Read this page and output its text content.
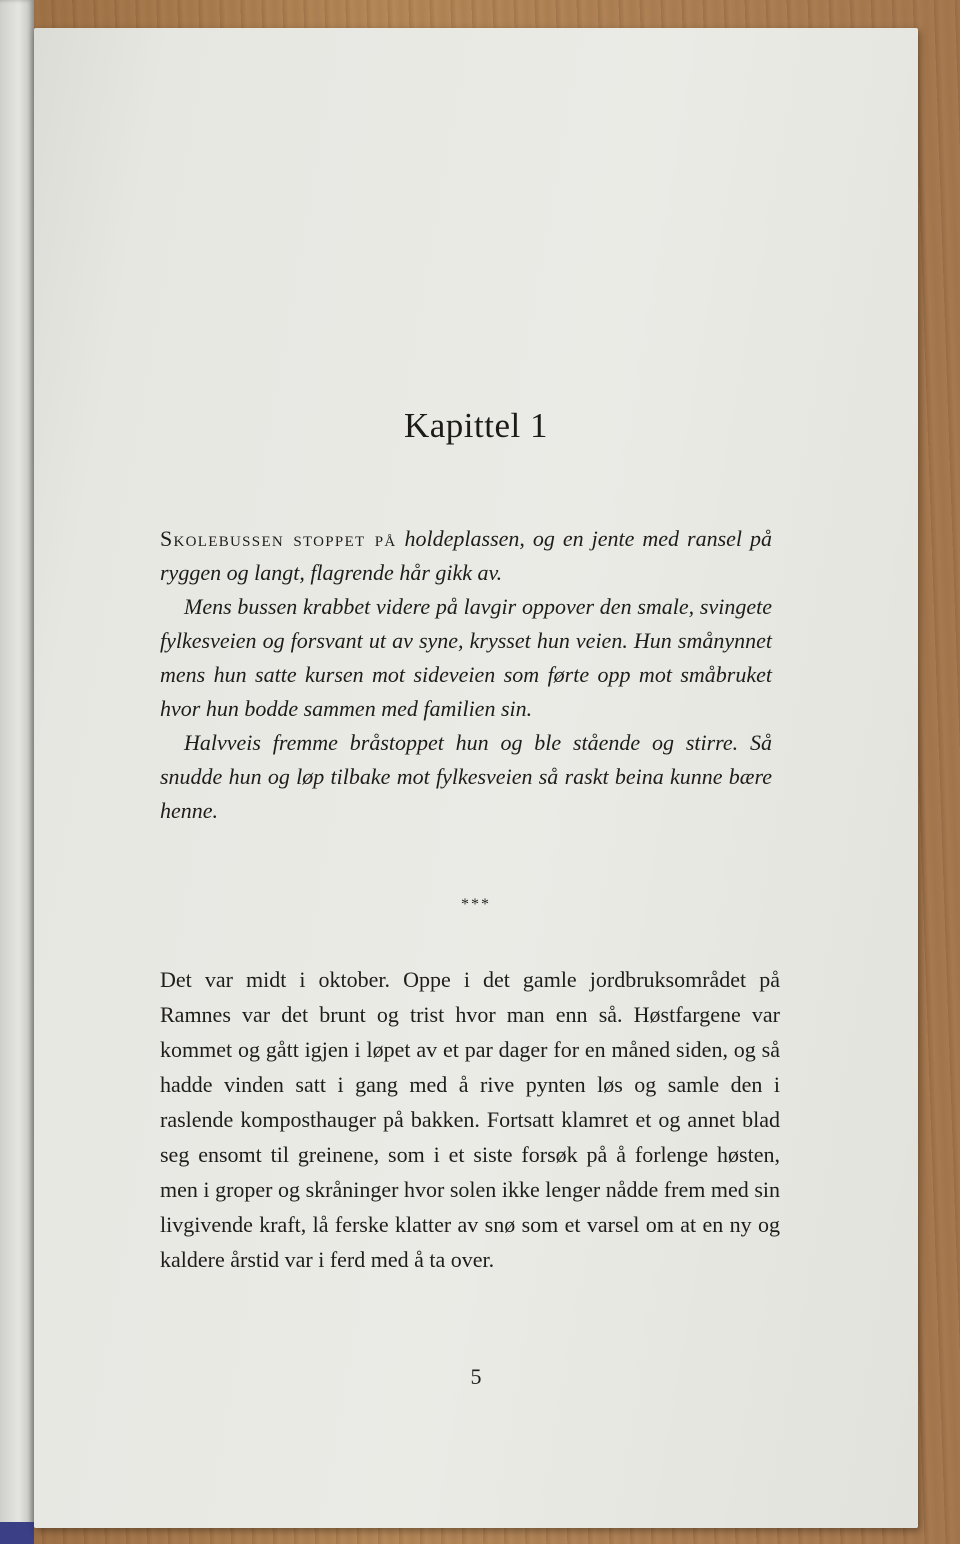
Kapittel 1

Skolebussen stoppet på holdeplassen, og en jente med ransel på ryggen og langt, flagrende hår gikk av.

Mens bussen krabbet videre på lavgir oppover den smale, svingete fylkesveien og forsvant ut av syne, krysset hun veien. Hun smånynnet mens hun satte kursen mot sideveien som førte opp mot småbruket hvor hun bodde sammen med familien sin.

Halvveis fremme bråstoppet hun og ble stående og stirre. Så snudde hun og løp tilbake mot fylkesveien så raskt beina kunne bære henne.

***

Det var midt i oktober. Oppe i det gamle jordbruksområdet på Ramnes var det brunt og trist hvor man enn så. Høstfargene var kommet og gått igjen i løpet av et par dager for en måned siden, og så hadde vinden satt i gang med å rive pynten løs og samle den i raslende komposthauger på bakken. Fortsatt klamret et og annet blad seg ensomt til greinene, som i et siste forsøk på å forlenge høsten, men i groper og skråninger hvor solen ikke lenger nådde frem med sin livgivende kraft, lå ferske klatter av snø som et varsel om at en ny og kaldere årstid var i ferd med å ta over.

5
